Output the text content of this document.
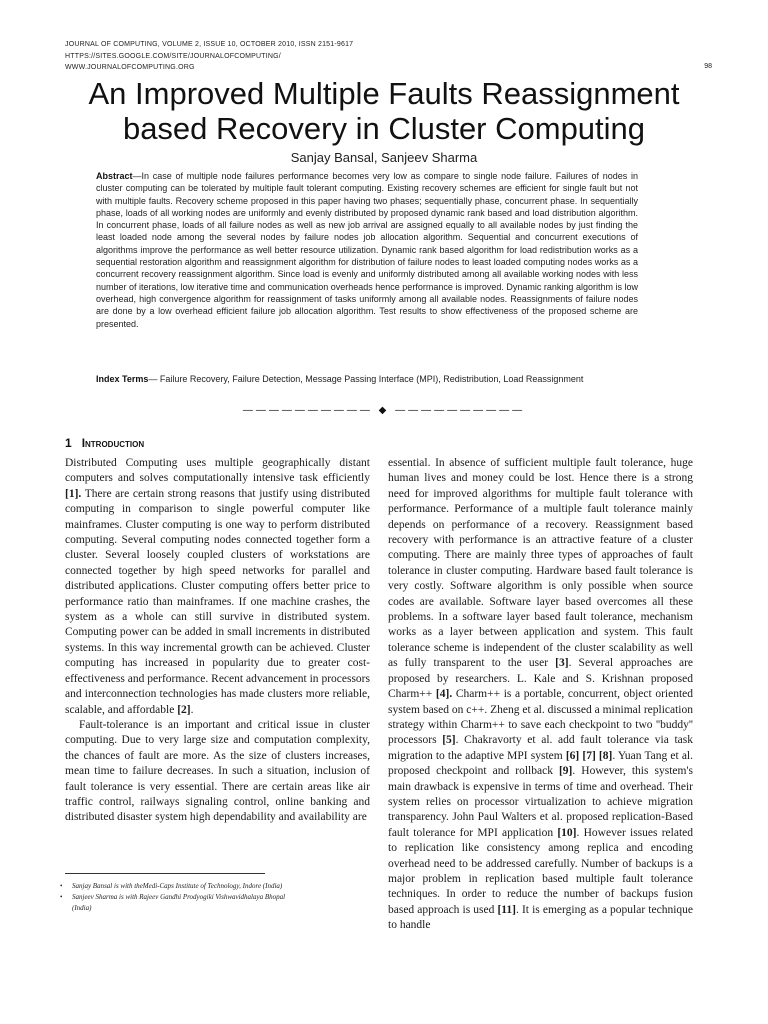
JOURNAL OF COMPUTING, VOLUME 2, ISSUE 10, OCTOBER 2010, ISSN 2151-9617
HTTPS://SITES.GOOGLE.COM/SITE/JOURNALOFCOMPUTING/
WWW.JOURNALOFCOMPUTING.ORG	98
An Improved Multiple Faults Reassignment
based Recovery in Cluster Computing
Sanjay Bansal, Sanjeev Sharma
Abstract—In case of multiple node failures performance becomes very low as compare to single node failure. Failures of nodes in cluster computing can be tolerated by multiple fault tolerant computing. Existing recovery schemes are efficient for single fault but not with multiple faults. Recovery scheme proposed in this paper having two phases; sequentially phase, concurrent phase. In sequentially phase, loads of all working nodes are uniformly and evenly distributed by proposed dynamic rank based and load distribution algorithm. In concurrent phase, loads of all failure nodes as well as new job arrival are assigned equally to all available nodes by just finding the least loaded node among the several nodes by failure nodes job allocation algorithm. Sequential and concurrent executions of algorithms improve the performance as well better resource utilization. Dynamic rank based algorithm for load redistribution works as a sequential restoration algorithm and reassignment algorithm for distribution of failure nodes to least loaded computing nodes works as a concurrent recovery reassignment algorithm. Since load is evenly and uniformly distributed among all available working nodes with less number of iterations, low iterative time and communication overheads hence performance is improved. Dynamic ranking algorithm is low overhead, high convergence algorithm for reassignment of tasks uniformly among all available nodes. Reassignments of failure nodes are done by a low overhead efficient failure job allocation algorithm. Test results to show effectiveness of the proposed scheme are presented.
Index Terms— Failure Recovery, Failure Detection, Message Passing Interface (MPI), Redistribution, Load Reassignment
—————————— ◆ ——————————
1 Introduction

Distributed Computing uses multiple geographically distant computers and solves computationally intensive task efficiently [1]. There are certain strong reasons that justify using distributed computing in comparison to single powerful computer like mainframes. Cluster computing is one way to perform distributed computing. Several computing nodes connected together form a cluster. Several loosely coupled clusters of workstations are connected together by high speed networks for parallel and distributed applications. Cluster computing offers better price to performance ratio than mainframes. If one machine crashes, the system as a whole can still survive in distributed system. Computing power can be added in small increments in distributed systems. In this way incremental growth can be achieved. Cluster computing has increased in popularity due to greater cost-effectiveness and performance. Recent advancement in processors and interconnection technologies has made clusters more reliable, scalable, and affordable [2].

Fault-tolerance is an important and critical issue in cluster computing. Due to very large size and computation complexity, the chances of fault are more. As the size of clusters increases, mean time to failure decreases. In such a situation, inclusion of fault tolerance is very essential. There are certain areas like air traffic control, railways signaling control, online banking and distributed disaster system high dependability and availability are

essential. In absence of sufficient multiple fault tolerance, huge human lives and money could be lost. Hence there is a strong need for improved algorithms for multiple fault tolerance with performance. Performance of a multiple fault tolerance mainly depends on performance of a recovery. Reassignment based recovery with performance is an attractive feature of a cluster computing. There are mainly three types of approaches of fault tolerance in cluster computing. Hardware based fault tolerance is very costly. Software algorithm is only possible when source codes are available. Software layer based overcomes all these problems. In a software layer based fault tolerance, mechanism works as a layer between application and system. This fault tolerance scheme is independent of the cluster scalability as well as fully transparent to the user [3]. Several approaches are proposed by researchers. L. Kale and S. Krishnan proposed Charm++ [4]. Charm++ is a portable, concurrent, object oriented system based on c++. Zheng et al. discussed a minimal replication strategy within Charm++ to save each checkpoint to two ''buddy'' processors [5]. Chakravorty et al. add fault tolerance via task migration to the adaptive MPI system [6] [7] [8]. Yuan Tang et al. proposed checkpoint and rollback [9]. However, this system's main drawback is expensive in terms of time and overhead. Their system relies on processor virtualization to achieve migration transparency. John Paul Walters et al. proposed replication-Based fault tolerance for MPI application [10]. However issues related to replication like consistency among replica and encoding overhead need to be addressed carefully. Number of backups is a major problem in replication based multiple fault tolerance techniques. In order to reduce the number of backups fusion based approach is used [11]. It is emerging as a popular technique to handle

•	Sanjay Bansal is with theMedi-Caps Institute of Technology, Indore (India)
•	Sanjeev Sharma is with Rajeev Gandhi Prodyogiki Vishwavidhalaya Bhopal
(India)
